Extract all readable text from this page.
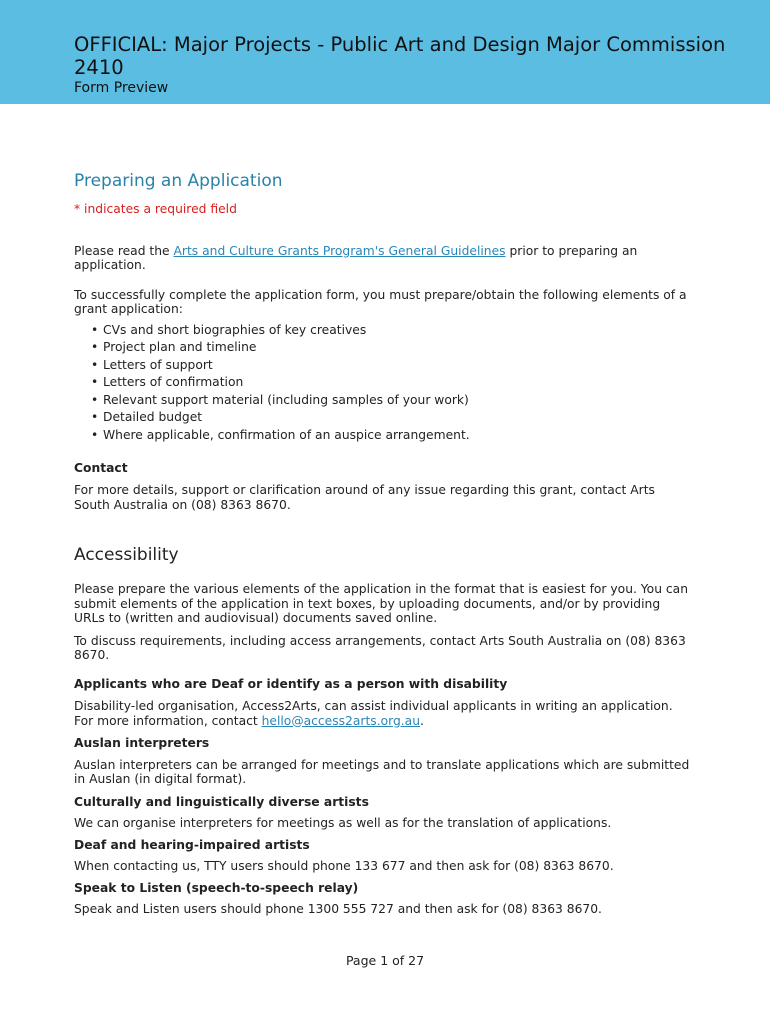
OFFICIAL: Major Projects - Public Art and Design Major Commission 2410
Form Preview
Preparing an Application
* indicates a required field

Please read the Arts and Culture Grants Program's General Guidelines prior to preparing an application.

To successfully complete the application form, you must prepare/obtain the following elements of a grant application:

• CVs and short biographies of key creatives
• Project plan and timeline
• Letters of support
• Letters of confirmation
• Relevant support material (including samples of your work)
• Detailed budget
• Where applicable, confirmation of an auspice arrangement.

Contact

For more details, support or clarification around of any issue regarding this grant, contact Arts South Australia on (08) 8363 8670.

Accessibility

Please prepare the various elements of the application in the format that is easiest for you. You can submit elements of the application in text boxes, by uploading documents, and/or by providing URLs to (written and audiovisual) documents saved online.

To discuss requirements, including access arrangements, contact Arts South Australia on (08) 8363 8670.

Applicants who are Deaf or identify as a person with disability

Disability-led organisation, Access2Arts, can assist individual applicants in writing an application. For more information, contact hello@access2arts.org.au.

Auslan interpreters

Auslan interpreters can be arranged for meetings and to translate applications which are submitted in Auslan (in digital format).

Culturally and linguistically diverse artists

We can organise interpreters for meetings as well as for the translation of applications.

Deaf and hearing-impaired artists

When contacting us, TTY users should phone 133 677 and then ask for (08) 8363 8670.

Speak to Listen (speech-to-speech relay)

Speak and Listen users should phone 1300 555 727 and then ask for (08) 8363 8670.

Page 1 of 27
